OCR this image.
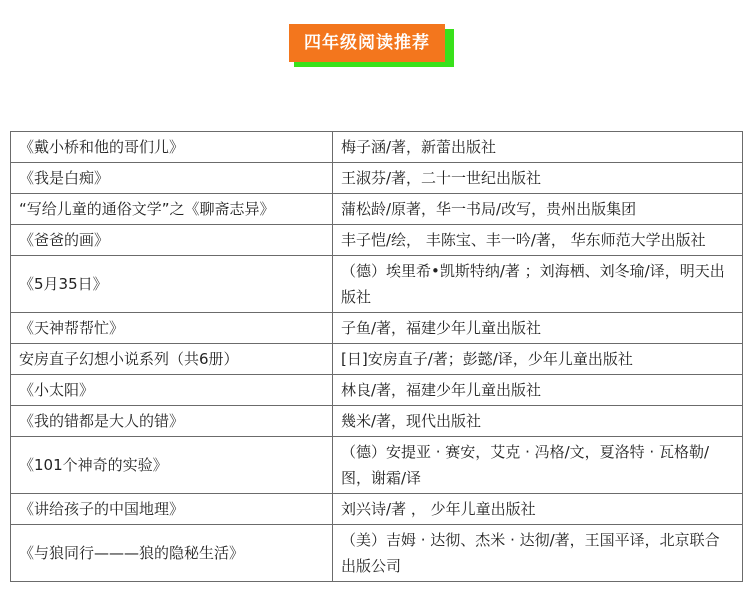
四年级阅读推荐
《戴小桥和他的哥们儿》	梅子涵/著，新蕾出版社
《我是白痴》	王淑芬/著，二十一世纪出版社
“写给儿童的通俗文学”之《聊斋志异》	蒲松龄/原著，华一书局/改写，贵州出版集团
《爸爸的画》	丰子恺/绘， 丰陈宝、丰一吟/著， 华东师范大学出版社
《5月35日》	（德）埃里希•凯斯特纳/著 ；刘海栖、刘冬瑜/译，明天出版社
《天神帮帮忙》	子鱼/著，福建少年儿童出版社
安房直子幻想小说系列（共6册）	[日]安房直子/著；彭懿/译，少年儿童出版社
《小太阳》	林良/著，福建少年儿童出版社
《我的错都是大人的错》	幾米/著，现代出版社
《101个神奇的实验》	（德）安提亚 · 赛安，艾克 · 冯格/文，夏洛特 · 瓦格勒/图，谢霜/译
《讲给孩子的中国地理》	刘兴诗/著 ， 少年儿童出版社
《与狼同行———狼的隐秘生活》	（美）吉姆 · 达彻、杰米 · 达彻/著，王国平译，北京联合出版公司
